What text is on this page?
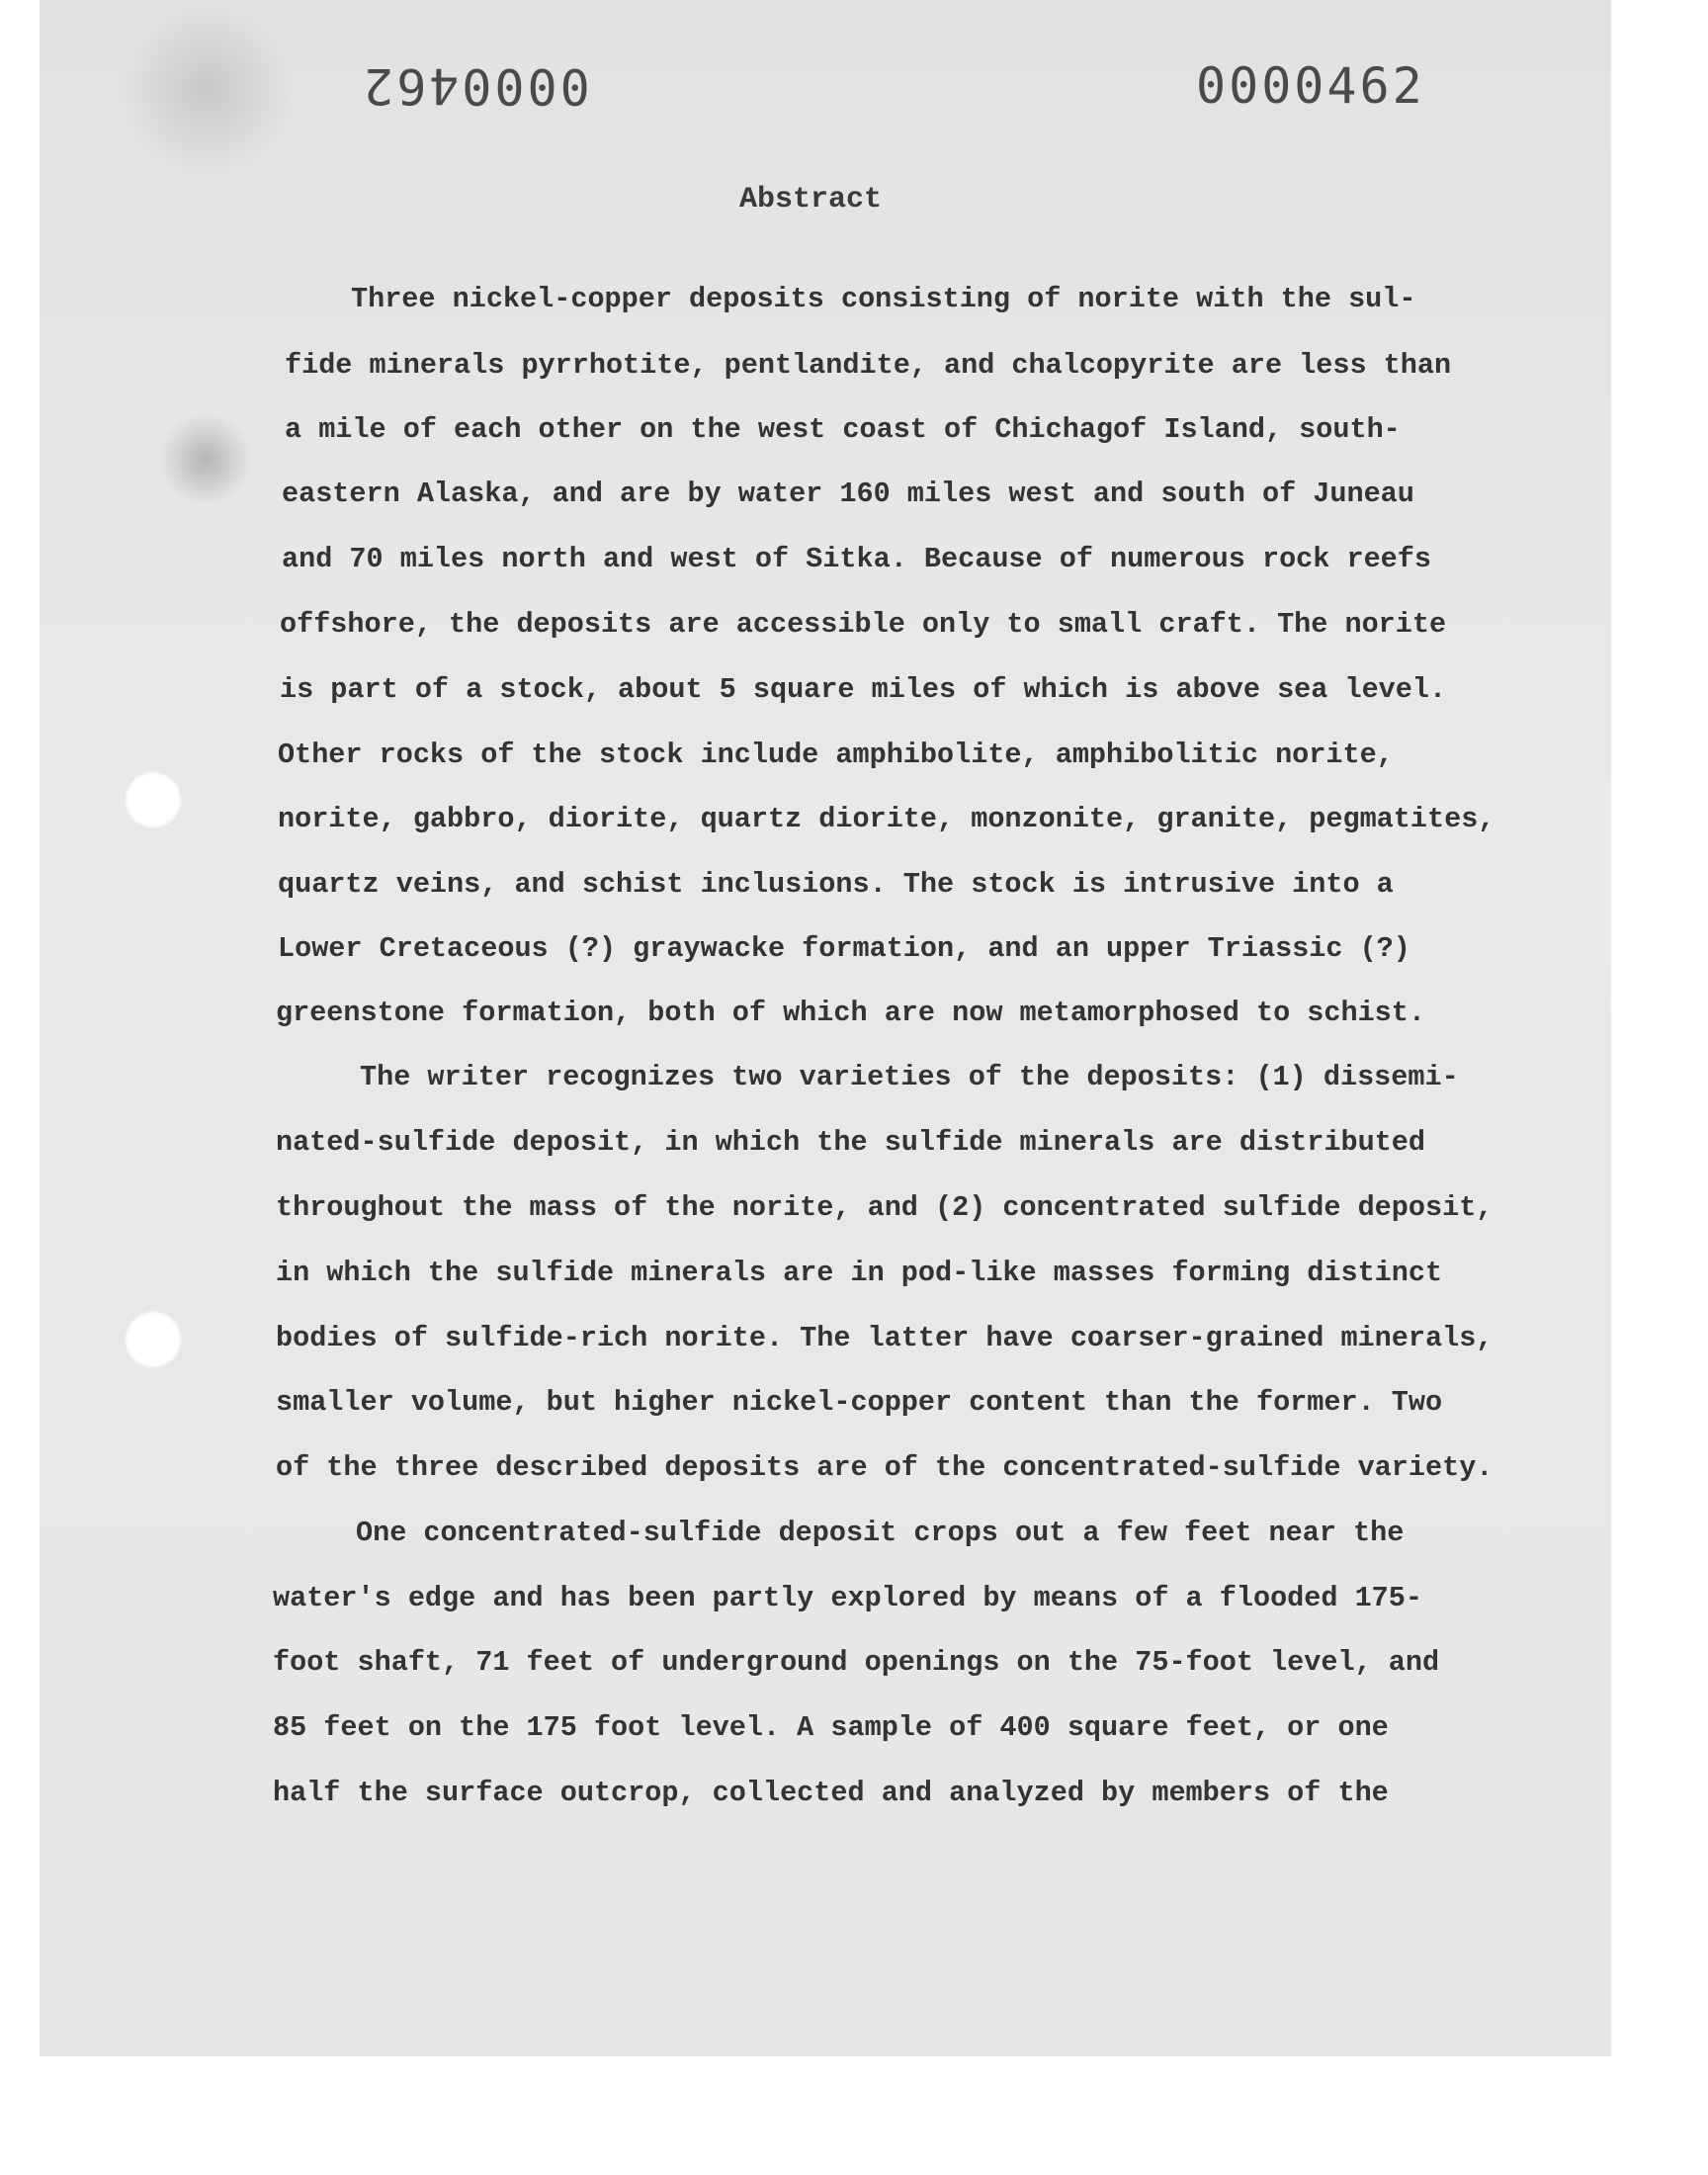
0000462	0000462
Abstract
Three nickel-copper deposits consisting of norite with the sul-
fide minerals pyrrhotite, pentlandite, and chalcopyrite are less than
a mile of each other on the west coast of Chichagof Island, south-
eastern Alaska, and are by water 160 miles west and south of Juneau
and 70 miles north and west of Sitka. Because of numerous rock reefs
offshore, the deposits are accessible only to small craft. The norite
is part of a stock, about 5 square miles of which is above sea level.
Other rocks of the stock include amphibolite, amphibolitic norite,
norite, gabbro, diorite, quartz diorite, monzonite, granite, pegmatites,
quartz veins, and schist inclusions. The stock is intrusive into a
Lower Cretaceous (?) graywacke formation, and an upper Triassic (?)
greenstone formation, both of which are now metamorphosed to schist.
The writer recognizes two varieties of the deposits: (1) dissemi-
nated-sulfide deposit, in which the sulfide minerals are distributed
throughout the mass of the norite, and (2) concentrated sulfide deposit,
in which the sulfide minerals are in pod-like masses forming distinct
bodies of sulfide-rich norite. The latter have coarser-grained minerals,
smaller volume, but higher nickel-copper content than the former. Two
of the three described deposits are of the concentrated-sulfide variety.
One concentrated-sulfide deposit crops out a few feet near the
water's edge and has been partly explored by means of a flooded 175-
foot shaft, 71 feet of underground openings on the 75-foot level, and
85 feet on the 175 foot level. A sample of 400 square feet, or one
half the surface outcrop, collected and analyzed by members of the
